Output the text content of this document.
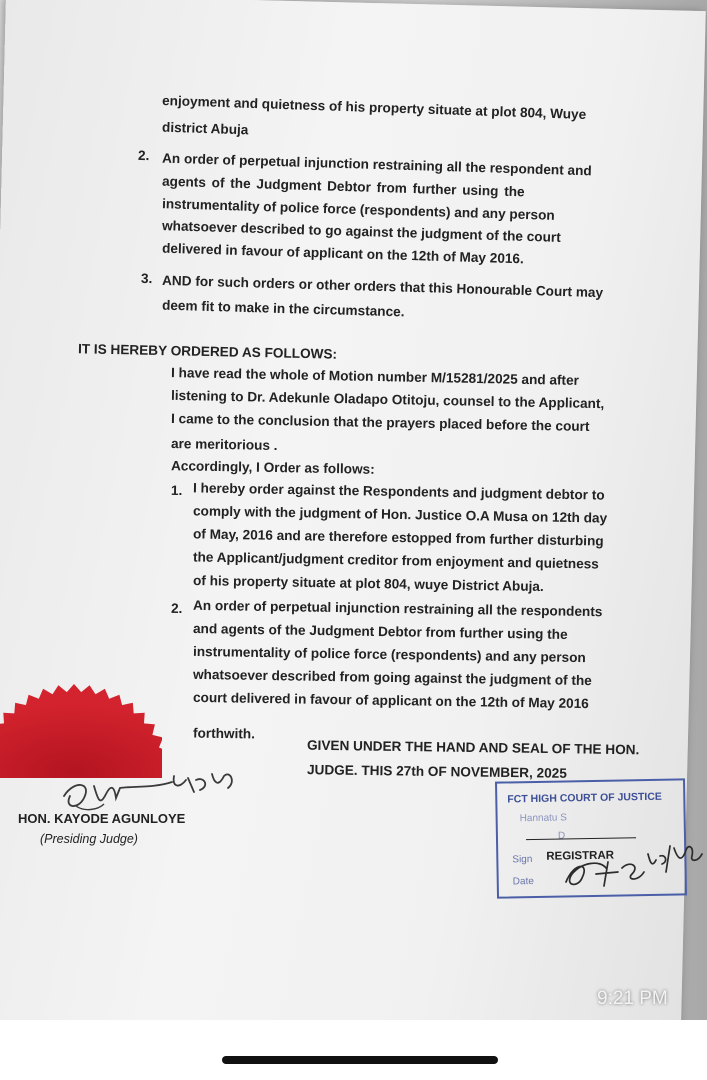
enjoyment and quietness of his property situate at plot 804, Wuye
district Abuja
2. An order of perpetual injunction restraining all the respondent and
agents of the Judgment Debtor from further using the
instrumentality of police force (respondents) and any person
whatsoever described to go against the judgment of the court
delivered in favour of applicant on the 12th of May 2016.
3. AND for such orders or other orders that this Honourable Court may
deem fit to make in the circumstance.
IT IS HEREBY ORDERED AS FOLLOWS:
I have read the whole of Motion number M/15281/2025 and after
listening to Dr. Adekunle Oladapo Otitoju, counsel to the Applicant,
I came to the conclusion that the prayers placed before the court
are meritorious .
Accordingly, I Order as follows:
1. I hereby order against the Respondents and judgment debtor to
comply with the judgment of Hon. Justice O.A Musa on 12th day
of May, 2016 and are therefore estopped from further disturbing
the Applicant/judgment creditor from enjoyment and quietness
of his property situate at plot 804, wuye District Abuja.
2. An order of perpetual injunction restraining all the respondents
and agents of the Judgment Debtor from further using the
instrumentality of police force (respondents) and any person
whatsoever described from going against the judgment of the
court delivered in favour of applicant on the 12th of May 2016
forthwith.
GIVEN UNDER THE HAND AND SEAL OF THE HON.
JUDGE. THIS 27th OF NOVEMBER, 2025
HON. KAYODE AGUNLOYE
(Presiding Judge)
FCT HIGH COURT OF JUSTICE
Hannatu S
D
Sign REGISTRAR
Date
9:21 PM
